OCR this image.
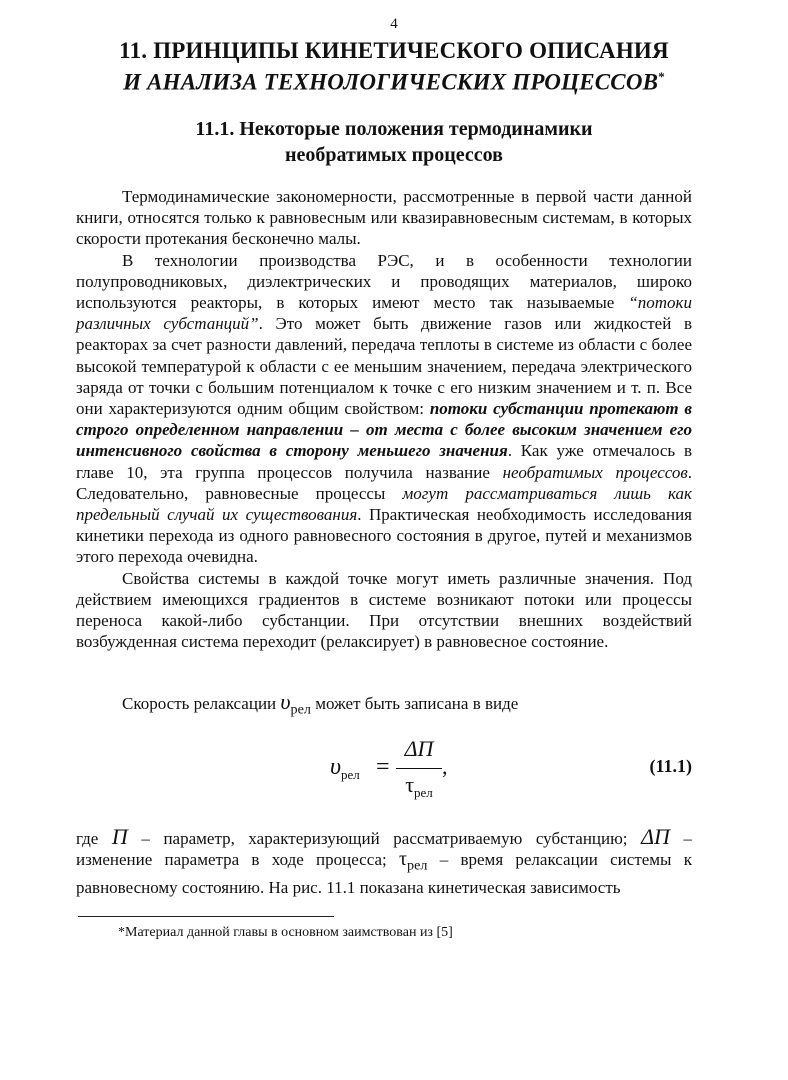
4
11. ПРИНЦИПЫ КИНЕТИЧЕСКОГО ОПИСАНИЯ
И АНАЛИЗА ТЕХНОЛОГИЧЕСКИХ ПРОЦЕССОВ*
11.1. Некоторые положения термодинамики
необратимых процессов

Термодинамические закономерности, рассмотренные в первой части данной книги, относятся только к равновесным или квазиравновесным системам, в которых скорости протекания бесконечно малы.

В технологии производства РЭС, и в особенности технологии полупроводниковых, диэлектрических и проводящих материалов, широко используются реакторы, в которых имеют место так называемые “потоки различных субстанций”. Это может быть движение газов или жидкостей в реакторах за счет разности давлений, передача теплоты в системе из области с более высокой температурой к области с ее меньшим значением, передача электрического заряда от точки с большим потенциалом к точке с его низким значением и т. п. Все они характеризуются одним общим свойством: потоки субстанции протекают в строго определенном направлении – от места с более высоким значением его интенсивного свойства в сторону меньшего значения. Как уже отмечалось в главе 10, эта группа процессов получила название необратимых процессов. Следовательно, равновесные процессы могут рассматриваться лишь как предельный случай их существования. Практическая необходимость исследования кинетики перехода из одного равновесного состояния в другое, путей и механизмов этого перехода очевидна.

Свойства системы в каждой точке могут иметь различные значения. Под действием имеющихся градиентов в системе возникают потоки или процессы переноса какой-либо субстанции. При отсутствии внешних воздействий возбужденная система переходит (релаксирует) в равновесное состояние.

Скорость релаксации $\upsilon_{рел}$ может быть записана в виде

$\upsilon_{рел}$ =
ΔП
$\tau_{рел}$
,	(11.1)

где П – параметр, характеризующий рассматриваемую субстанцию; ΔП – изменение параметра в ходе процесса; $\tau_{рел}$ – время релаксации системы к равновесному состоянию. На рис. 11.1 показана кинетическая зависимость

*Материал данной главы в основном заимствован из [5]
